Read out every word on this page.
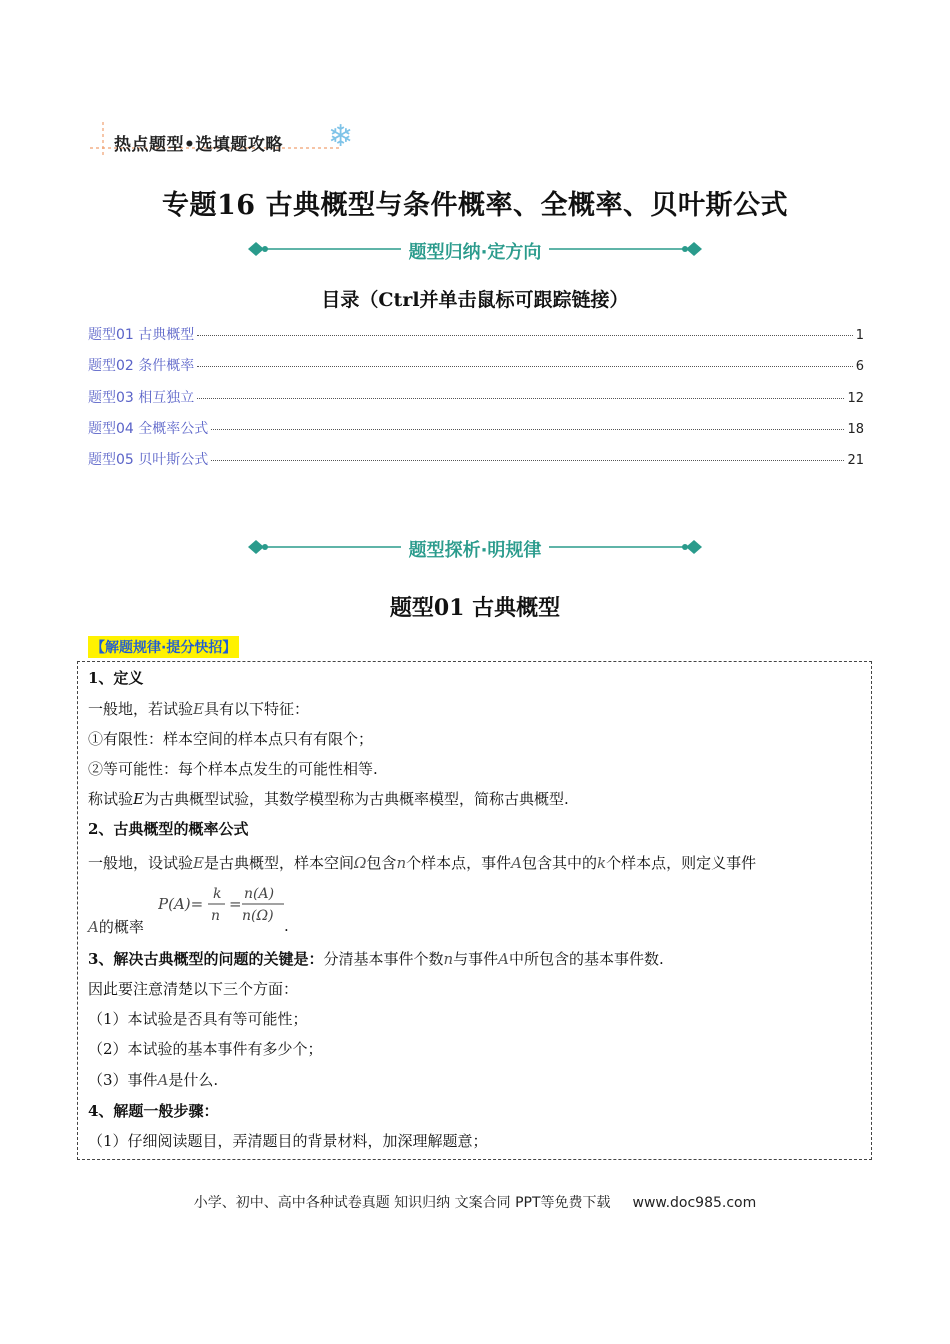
热点题型•选填题攻略 ❄
专题16 古典概型与条件概率、全概率、贝叶斯公式
题型归纳·定方向
目录（Ctrl并单击鼠标可跟踪链接）
题型01 古典概型	1
题型02 条件概率	6
题型03 相互独立	12
题型04 全概率公式	18
题型05 贝叶斯公式	21
题型探析·明规律
题型01 古典概型
【解题规律·提分快招】
1、定义
一般地，若试验E具有以下特征：
①有限性：样本空间的样本点只有有限个；
②等可能性：每个样本点发生的可能性相等.
称试验E为古典概型试验，其数学模型称为古典概率模型，简称古典概型.
2、古典概型的概率公式
一般地，设试验E是古典概型，样本空间Ω包含n个样本点，事件A包含其中的k个样本点，则定义事件
P(A)=
k
n
=
n(A)
n(Ω)
A的概率	.
3、解决古典概型的问题的关键是：分清基本事件个数n与事件A中所包含的基本事件数.
因此要注意清楚以下三个方面：
（1）本试验是否具有等可能性；
（2）本试验的基本事件有多少个；
（3）事件A是什么.
4、解题一般步骤：
（1）仔细阅读题目，弄清题目的背景材料，加深理解题意；
小学、初中、高中各种试卷真题 知识归纳 文案合同 PPT等免费下载 www.doc985.com
